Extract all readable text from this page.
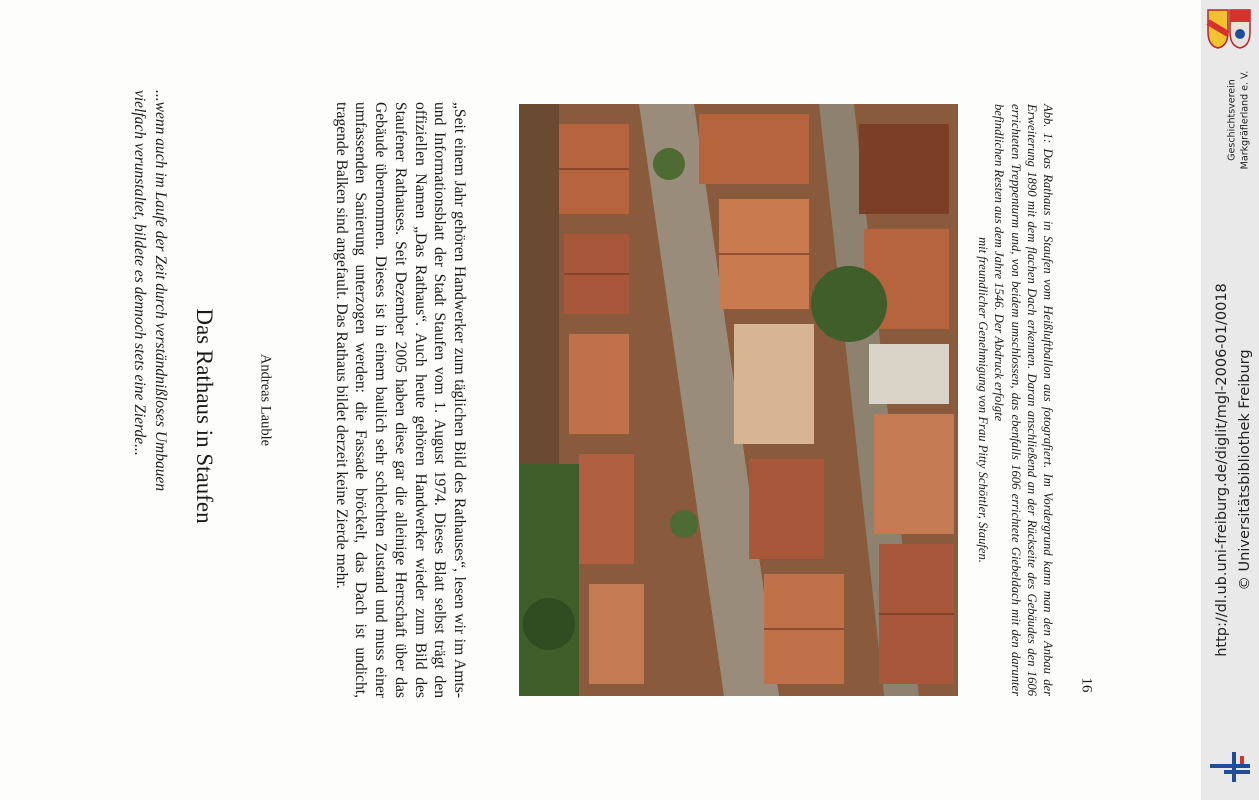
...wenn auch im Laufe der Zeit durch verständnißloses Umbauen vielfach verunstaltet, bildete es dennoch stets eine Zierde...	Das Rathaus in Staufen	Andreas Lauble	„Seit einem Jahr gehören Handwerker zum täglichen Bild des Rathauses“, lesen wir im Amts- und Informationsblatt der Stadt Staufen vom 1. August 1974. Dieses Blatt selbst trägt den offiziellen Namen „Das Rathaus“. Auch heute gehören Handwerker wieder zum Bild des Staufener Rathauses. Seit Dezember 2005 haben diese gar die alleinige Herrschaft über das Gebäude übernommen. Dieses ist in einem baulich sehr schlechten Zustand und muss einer umfassenden Sanierung unterzogen werden: die Fassade bröckelt, das Dach ist undicht, tragende Balken sind angefault. Das Rathaus bildet derzeit keine Zierde mehr.	Abb. 1: Das Rathaus in Staufen vom Heißluftballon aus fotografiert. Im Vordergrund kann man den Anbau der Erweiterung 1890 mit dem flachen Dach erkennen. Daran anschließend an der Rückseite des Gebäudes den 1606 errichteten Treppenturm und, von beidem umschlossen, das ebenfalls 1606 errichtete Giebeldach mit den darunter befindlichen Resten aus dem Jahre 1546. Der Abdruck erfolgte
mit freundlicher Genehmigung von Frau Pitty Schöttler, Staufen.
16
Geschichtsverein Markgräflerland e. V.
http://dl.ub.uni-freiburg.de/diglit/mgl-2006-01/0018 © Universitätsbibliothek Freiburg
